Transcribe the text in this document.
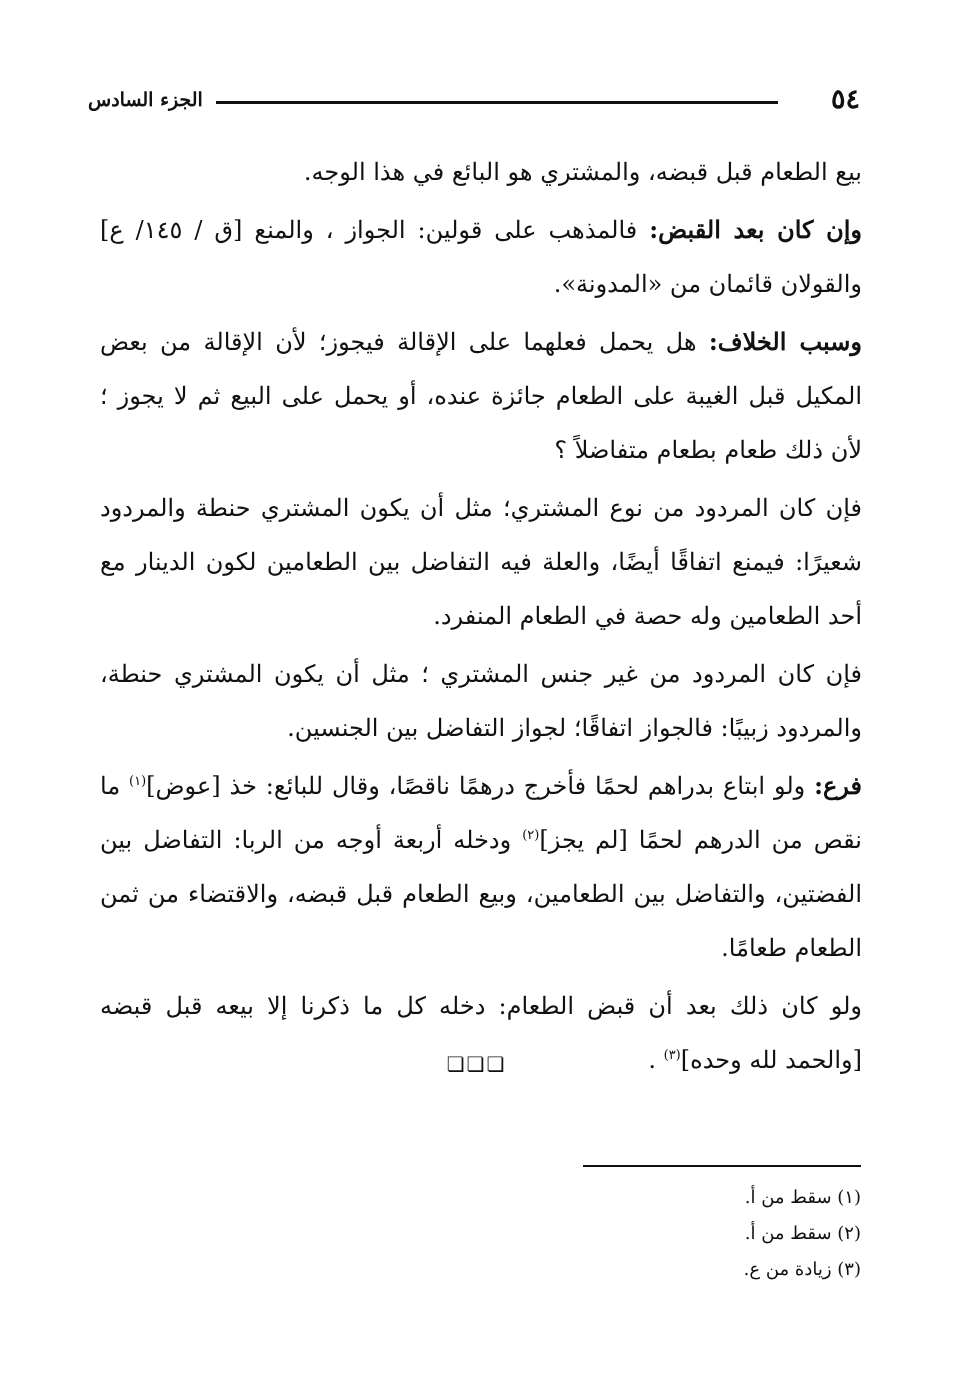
٥٤
الجزء السادس

بيع الطعام قبل قبضه، والمشتري هو البائع في هذا الوجه.

وإن كان بعد القبض: فالمذهب على قولين: الجواز ، والمنع [ق / ١٤٥/ ع] والقولان قائمان من «المدونة».

وسبب الخلاف: هل يحمل فعلهما على الإقالة فيجوز؛ لأن الإقالة من بعض المكيل قبل الغيبة على الطعام جائزة عنده، أو يحمل على البيع ثم لا يجوز ؛ لأن ذلك طعام بطعام متفاضلاً ؟

فإن كان المردود من نوع المشتري؛ مثل أن يكون المشتري حنطة والمردود شعيرًا: فيمنع اتفاقًا أيضًا، والعلة فيه التفاضل بين الطعامين لكون الدينار مع أحد الطعامين وله حصة في الطعام المنفرد.

فإن كان المردود من غير جنس المشتري ؛ مثل أن يكون المشتري حنطة، والمردود زبيبًا: فالجواز اتفاقًا؛ لجواز التفاضل بين الجنسين.

فرع: ولو ابتاع بدراهم لحمًا فأخرج درهمًا ناقصًا، وقال للبائع: خذ [عوض]$^{(١)}$ ما نقص من الدرهم لحمًا [لم يجز]$^{(٢)}$ ودخله أربعة أوجه من الربا: التفاضل بين الفضتين، والتفاضل بين الطعامين، وبيع الطعام قبل قبضه، والاقتضاء من ثمن الطعام طعامًا.

ولو كان ذلك بعد أن قبض الطعام: دخله كل ما ذكرنا إلا بيعه قبل قبضه [والحمد لله وحده]$^{(٣)}$ .

❏❏❏
(١) سقط من أ.
(٢) سقط من أ.
(٣) زيادة من ع.
